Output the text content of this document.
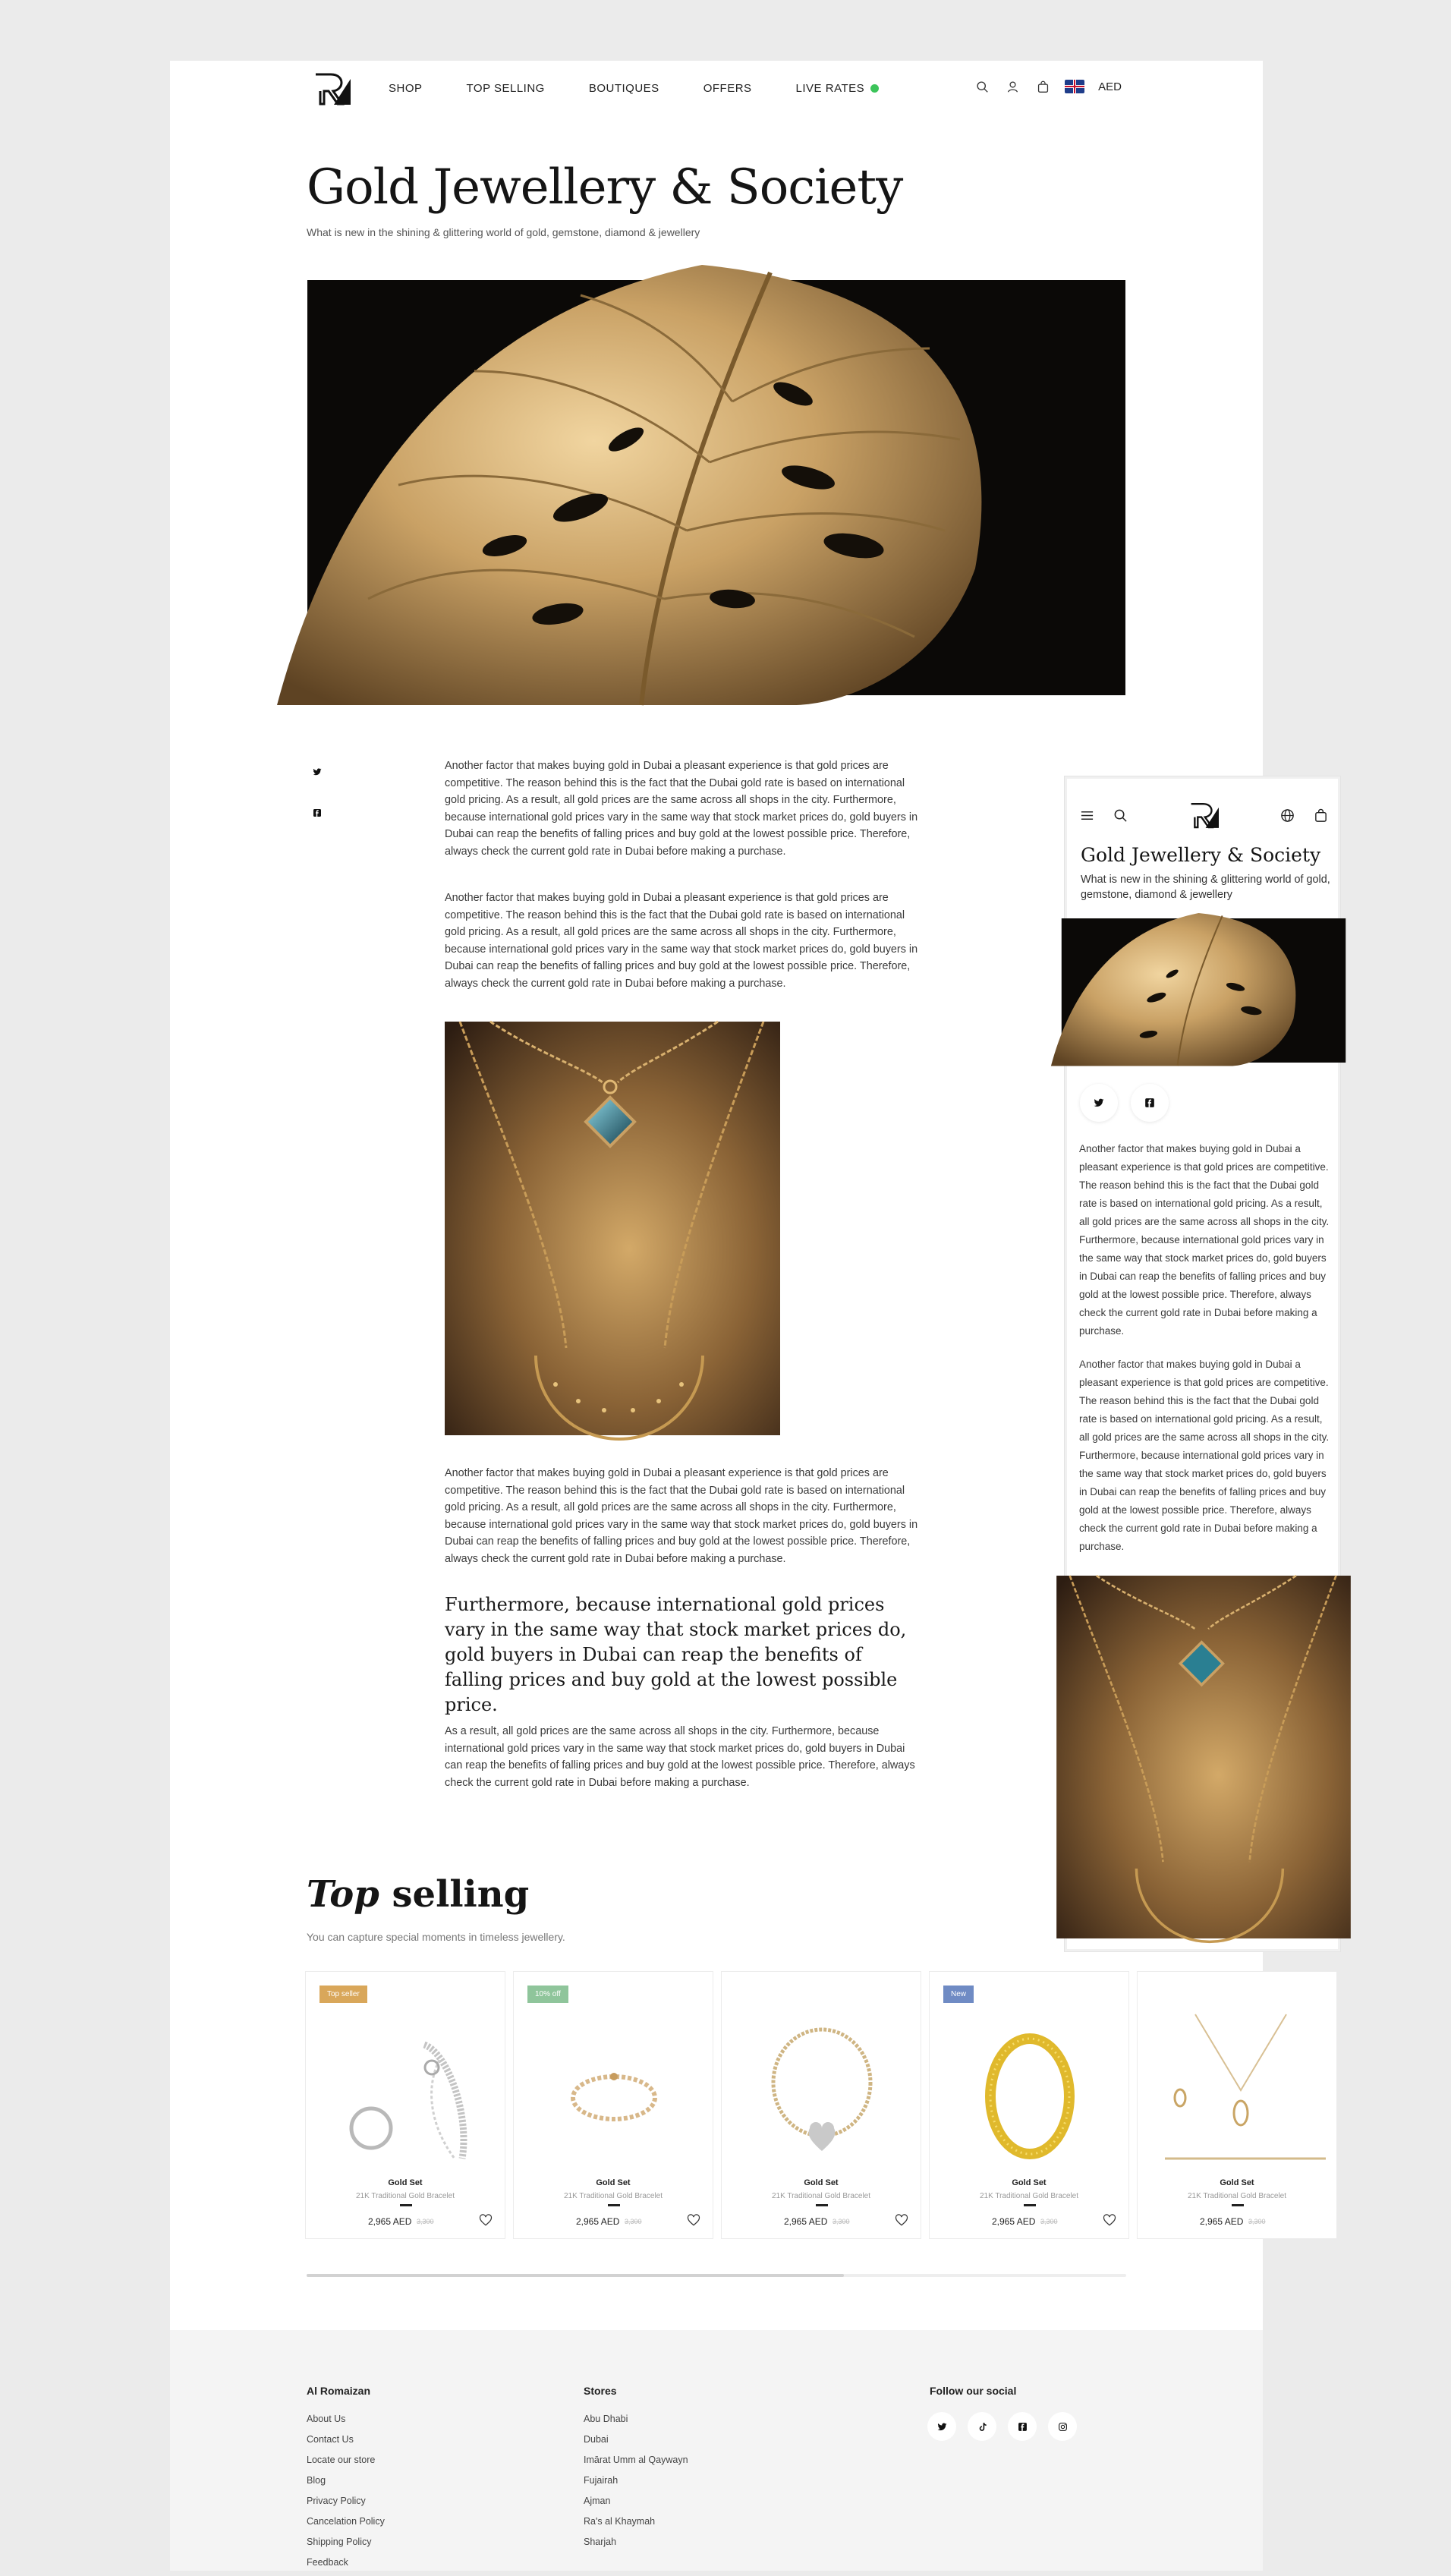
SHOP	TOP SELLING	BOUTIQUES	OFFERS	LIVE RATES	AED
Gold Jewellery & Society

What is new in the shining & glittering world of gold, gemstone, diamond & jewellery

Another factor that makes buying gold in Dubai a pleasant experience is that gold prices are competitive. The reason behind this is the fact that the Dubai gold rate is based on international gold pricing. As a result, all gold prices are the same across all shops in the city. Furthermore, because international gold prices vary in the same way that stock market prices do, gold buyers in Dubai can reap the benefits of falling prices and buy gold at the lowest possible price. Therefore, always check the current gold rate in Dubai before making a purchase.

Another factor that makes buying gold in Dubai a pleasant experience is that gold prices are competitive. The reason behind this is the fact that the Dubai gold rate is based on international gold pricing. As a result, all gold prices are the same across all shops in the city. Furthermore, because international gold prices vary in the same way that stock market prices do, gold buyers in Dubai can reap the benefits of falling prices and buy gold at the lowest possible price. Therefore, always check the current gold rate in Dubai before making a purchase.

Another factor that makes buying gold in Dubai a pleasant experience is that gold prices are competitive. The reason behind this is the fact that the Dubai gold rate is based on international gold pricing. As a result, all gold prices are the same across all shops in the city. Furthermore, because international gold prices vary in the same way that stock market prices do, gold buyers in Dubai can reap the benefits of falling prices and buy gold at the lowest possible price. Therefore, always check the current gold rate in Dubai before making a purchase.

Furthermore, because international gold prices vary in the same way that stock market prices do, gold buyers in Dubai can reap the benefits of falling prices and buy gold at the lowest possible price.

As a result, all gold prices are the same across all shops in the city. Furthermore, because international gold prices vary in the same way that stock market prices do, gold buyers in Dubai can reap the benefits of falling prices and buy gold at the lowest possible price. Therefore, always check the current gold rate in Dubai before making a purchase.

Top selling

You can capture special moments in timeless jewellery.

Top seller
Gold Set
21K Traditional Gold Bracelet
2,965 AED 3,300
10% off
Gold Set
21K Traditional Gold Bracelet
2,965 AED 3,300
Gold Set
21K Traditional Gold Bracelet
2,965 AED 3,300
New
Gold Set
21K Traditional Gold Bracelet
2,965 AED 3,300
Gold Set
21K Traditional Gold Bracelet
2,965 AED 3,300
Al Romaizan
About Us
Contact Us
Locate our store
Blog
Privacy Policy
Cancelation Policy
Shipping Policy
Feedback
Stores
Abu Dhabi
Dubai
Imārat Umm al Qaywayn
Fujairah
Ajman
Ra's al Khaymah
Sharjah
Follow our social
Gold Jewellery & Society
What is new in the shining & glittering world of gold, gemstone, diamond & jewellery

Another factor that makes buying gold in Dubai a pleasant experience is that gold prices are competitive. The reason behind this is the fact that the Dubai gold rate is based on international gold pricing. As a result, all gold prices are the same across all shops in the city. Furthermore, because international gold prices vary in the same way that stock market prices do, gold buyers in Dubai can reap the benefits of falling prices and buy gold at the lowest possible price. Therefore, always check the current gold rate in Dubai before making a purchase.

Another factor that makes buying gold in Dubai a pleasant experience is that gold prices are competitive. The reason behind this is the fact that the Dubai gold rate is based on international gold pricing. As a result, all gold prices are the same across all shops in the city. Furthermore, because international gold prices vary in the same way that stock market prices do, gold buyers in Dubai can reap the benefits of falling prices and buy gold at the lowest possible price. Therefore, always check the current gold rate in Dubai before making a purchase.
